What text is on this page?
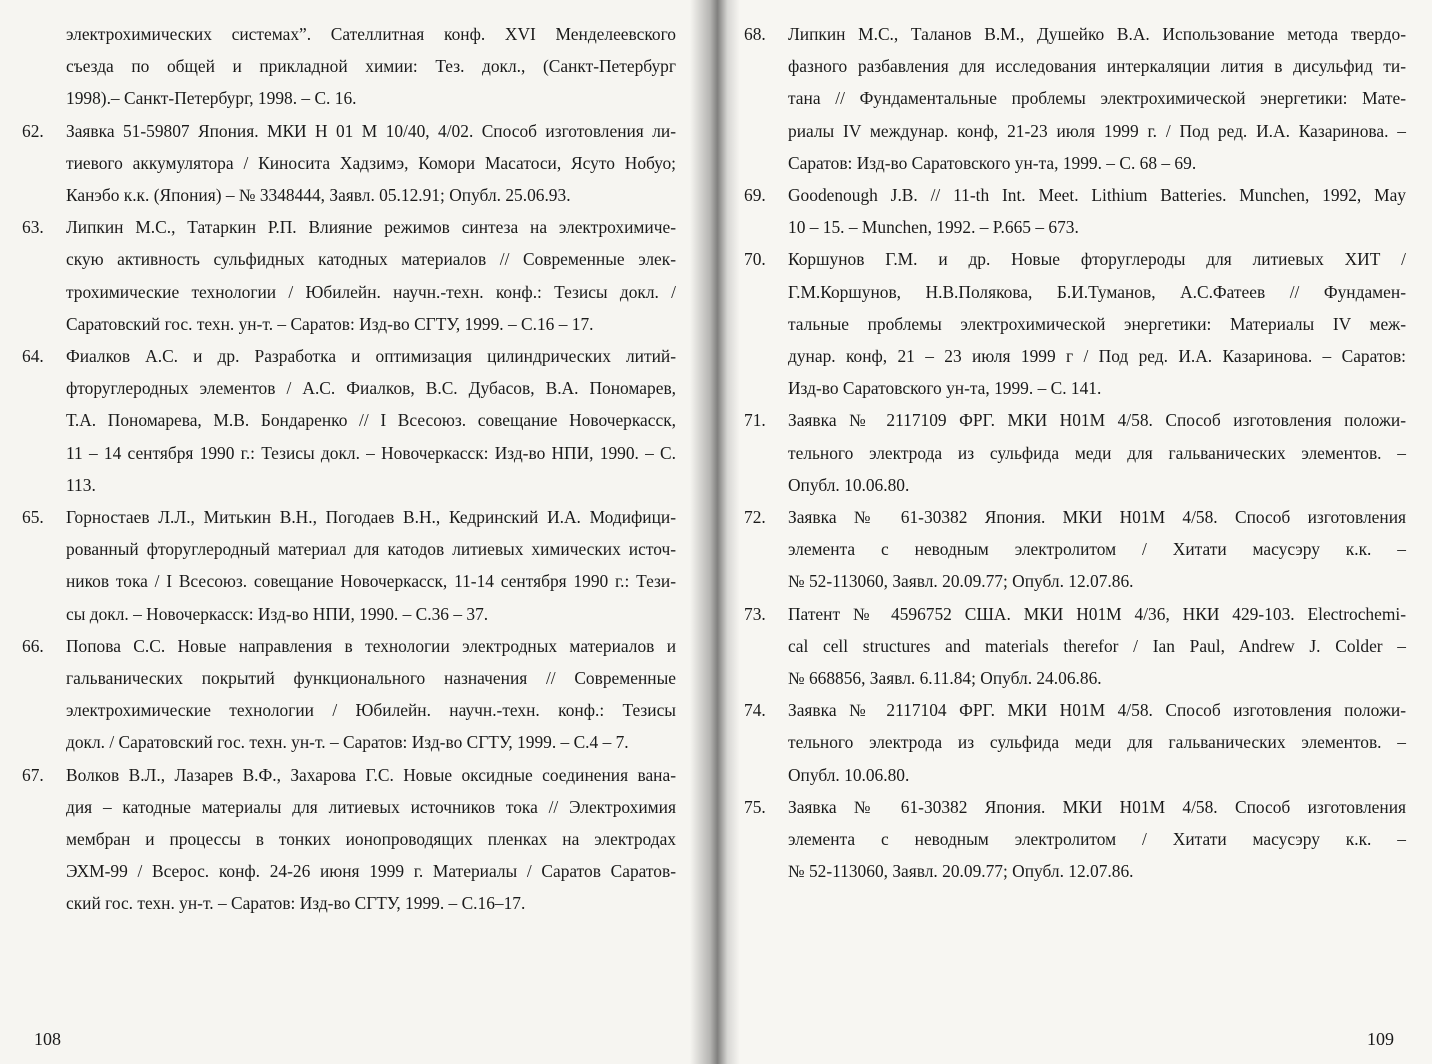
электрохимических системах”. Сателлитная конф. XVI Менделеевского
съезда по общей и прикладной химии: Тез. докл., (Санкт-Петербург
1998).– Санкт-Петербург, 1998. – С. 16.
62. Заявка 51-59807 Япония. МКИ H 01 M 10/40, 4/02. Способ изготовления ли-
тиевого аккумулятора / Киносита Хадзимэ, Комори Масатоси, Ясуто Нобуо;
Канэбо к.к. (Япония) – № 3348444, Заявл. 05.12.91; Опубл. 25.06.93.
63. Липкин М.С., Татаркин Р.П. Влияние режимов синтеза на электрохимиче-
скую активность сульфидных катодных материалов // Современные элек-
трохимические технологии / Юбилейн. научн.-техн. конф.: Тезисы докл. /
Саратовский гос. техн. ун-т. – Саратов: Изд-во СГТУ, 1999. – С.16 – 17.
64. Фиалков А.С. и др. Разработка и оптимизация цилиндрических литий-
фторуглеродных элементов / А.С. Фиалков, В.С. Дубасов, В.А. Пономарев,
Т.А. Пономарева, М.В. Бондаренко // I Всесоюз. совещание Новочеркасск,
11 – 14 сентября 1990 г.: Тезисы докл. – Новочеркасск: Изд-во НПИ, 1990. – С. 113.
65. Горностаев Л.Л., Митькин В.Н., Погодаев В.Н., Кедринский И.А. Модифици-
рованный фторуглеродный материал для катодов литиевых химических источ-
ников тока / I Всесоюз. совещание Новочеркасск, 11-14 сентября 1990 г.: Тези-
сы докл. – Новочеркасск: Изд-во НПИ, 1990. – С.36 – 37.
66. Попова С.С. Новые направления в технологии электродных материалов и
гальванических покрытий функционального назначения // Современные
электрохимические технологии / Юбилейн. научн.-техн. конф.: Тезисы
докл. / Саратовский гос. техн. ун-т. – Саратов: Изд-во СГТУ, 1999. – С.4 – 7.
67. Волков В.Л., Лазарев В.Ф., Захарова Г.С. Новые оксидные соединения вана-
дия – катодные материалы для литиевых источников тока // Электрохимия
мембран и процессы в тонких ионопроводящих пленках на электродах
ЭХМ-99 / Всерос. конф. 24-26 июня 1999 г. Материалы / Саратов Саратов-
ский гос. техн. ун-т. – Саратов: Изд-во СГТУ, 1999. – С.16–17.
108
68. Липкин М.С., Таланов В.М., Душейко В.А. Использование метода твердо-
фазного разбавления для исследования интеркаляции лития в дисульфид ти-
тана // Фундаментальные проблемы электрохимической энергетики: Мате-
риалы IV междунар. конф, 21-23 июля 1999 г. / Под ред. И.А. Казаринова. –
Саратов: Изд-во Саратовского ун-та, 1999. – С. 68 – 69.
69. Goodenough J.B. // 11-th Int. Meet. Lithium Batteries. Munchen, 1992, May
10 – 15. – Munchen, 1992. – P.665 – 673.
70. Коршунов Г.М. и др. Новые фторуглероды для литиевых ХИТ /
Г.М.Коршунов, Н.В.Полякова, Б.И.Туманов, А.С.Фатеев // Фундамен-
тальные проблемы электрохимической энергетики: Материалы IV меж-
дунар. конф, 21 – 23 июля 1999 г / Под ред. И.А. Казаринова. – Саратов:
Изд-во Саратовского ун-та, 1999. – С. 141.
71. Заявка № 2117109 ФРГ. МКИ H01M 4/58. Способ изготовления положи-
тельного электрода из сульфида меди для гальванических элементов. –
Опубл. 10.06.80.
72. Заявка № 61-30382 Япония. МКИ H01M 4/58. Способ изготовления
элемента с неводным электролитом / Хитати масусэру к.к. –
№ 52-113060, Заявл. 20.09.77; Опубл. 12.07.86.
73. Патент № 4596752 США. МКИ H01M 4/36, НКИ 429-103. Electrochemi-
cal cell structures and materials therefor / Ian Paul, Andrew J. Colder –
№ 668856, Заявл. 6.11.84; Опубл. 24.06.86.
74. Заявка № 2117104 ФРГ. МКИ H01M 4/58. Способ изготовления положи-
тельного электрода из сульфида меди для гальванических элементов. –
Опубл. 10.06.80.
75. Заявка № 61-30382 Япония. МКИ H01M 4/58. Способ изготовления
элемента с неводным электролитом / Хитати масусэру к.к. –
№ 52-113060, Заявл. 20.09.77; Опубл. 12.07.86.
109
